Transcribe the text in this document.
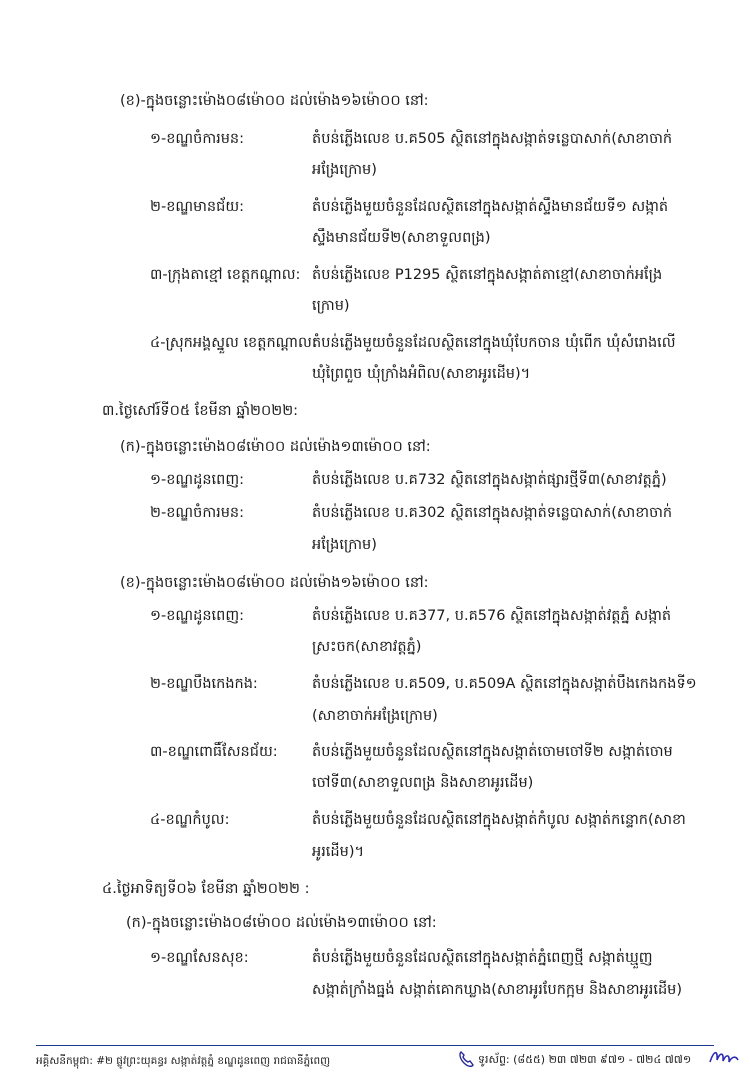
(ខ)-ក្នុងចន្លោះម៉ោង០៨ម៉ោ០០ ដល់ម៉ោង១៦ម៉ោ០០ នៅ:
១-ខណ្ឌចំការមន:	តំបន់ភ្លើងលេខ ប.គ505 ស្ថិតនៅក្នុងសង្កាត់ទន្លេបាសាក់(សាខាចាក់
អង្រែក្រោម)
២-ខណ្ឌមានជ័យ:	តំបន់ភ្លើងមួយចំនួនដែលស្ថិតនៅក្នុងសង្កាត់ស្ទឹងមានជ័យទី១ សង្កាត់
ស្ទឹងមានជ័យទី២(សាខាទួលពង្រ)
៣-ក្រុងតាខ្មៅ ខេត្តកណ្ដាល: តំបន់ភ្លើងលេខ P1295 ស្ថិតនៅក្នុងសង្កាត់តាខ្មៅ(សាខាចាក់អង្រែ
ក្រោម)
៤-ស្រុកអង្គស្នួល ខេត្តកណ្ដាល:
តំបន់ភ្លើងមួយចំនួនដែលស្ថិតនៅក្នុងឃុំបែកចាន ឃុំពើក ឃុំសំរោងលើ
ឃុំព្រៃពួច ឃុំក្រាំងអំពិល(សាខាអូរដើម)។
៣.ថ្ងៃសៅរ៍ទី០៥ ខែមីនា ឆ្នាំ២០២២:
(ក)-ក្នុងចន្លោះម៉ោង០៨ម៉ោ០០ ដល់ម៉ោង១៣ម៉ោ០០ នៅ:
១-ខណ្ឌដូនពេញ:	តំបន់ភ្លើងលេខ ប.គ732 ស្ថិតនៅក្នុងសង្កាត់ផ្សារថ្មីទី៣(សាខាវត្តភ្នំ)
២-ខណ្ឌចំការមន:	តំបន់ភ្លើងលេខ ប.គ302 ស្ថិតនៅក្នុងសង្កាត់ទន្លេបាសាក់(សាខាចាក់
អង្រែក្រោម)
(ខ)-ក្នុងចន្លោះម៉ោង០៨ម៉ោ០០ ដល់ម៉ោង១៦ម៉ោ០០ នៅ:
១-ខណ្ឌដូនពេញ:	តំបន់ភ្លើងលេខ ប.គ377, ប.គ576 ស្ថិតនៅក្នុងសង្កាត់វត្តភ្នំ សង្កាត់
ស្រះចក(សាខាវត្តភ្នំ)
២-ខណ្ឌបឹងកេងកង:	តំបន់ភ្លើងលេខ ប.គ509, ប.គ509A ស្ថិតនៅក្នុងសង្កាត់បឹងកេងកងទី១
(សាខាចាក់អង្រែក្រោម)
៣-ខណ្ឌពោធិ៍សែនជ័យ: តំបន់ភ្លើងមួយចំនួនដែលស្ថិតនៅក្នុងសង្កាត់ចោមចៅទី២ សង្កាត់ចោម
ចៅទី៣(សាខាទួលពង្រ និងសាខាអូរដើម)
៤-ខណ្ឌកំបូល:	តំបន់ភ្លើងមួយចំនួនដែលស្ថិតនៅក្នុងសង្កាត់កំបូល សង្កាត់កន្ទោក(សាខា
អូរដើម)។
៤.ថ្ងៃអាទិត្យទី០៦ ខែមីនា ឆ្នាំ២០២២ :
(ក)-ក្នុងចន្លោះម៉ោង០៨ម៉ោ០០ ដល់ម៉ោង១៣ម៉ោ០០ នៅ:
១-ខណ្ឌសែនសុខ:	តំបន់ភ្លើងមួយចំនួនដែលស្ថិតនៅក្នុងសង្កាត់ភ្នំពេញថ្មី សង្កាត់ឃ្មួញ
សង្កាត់ក្រាំងធ្នង់ សង្កាត់គោកឃ្លាង(សាខាអូរបែកក្អម និងសាខាអូរដើម)
អគ្គិសនីកម្ពុជា: #២ ផ្លូវព្រះយុគន្ធរ សង្កាត់វត្តភ្នំ ខណ្ឌដូនពេញ រាជធានីភ្នំពេញ	ទូរស័ព្ទ: (៨៥៥) ២៣ ៧២៣ ៩៧១ - ៧២៤ ៧៧១
